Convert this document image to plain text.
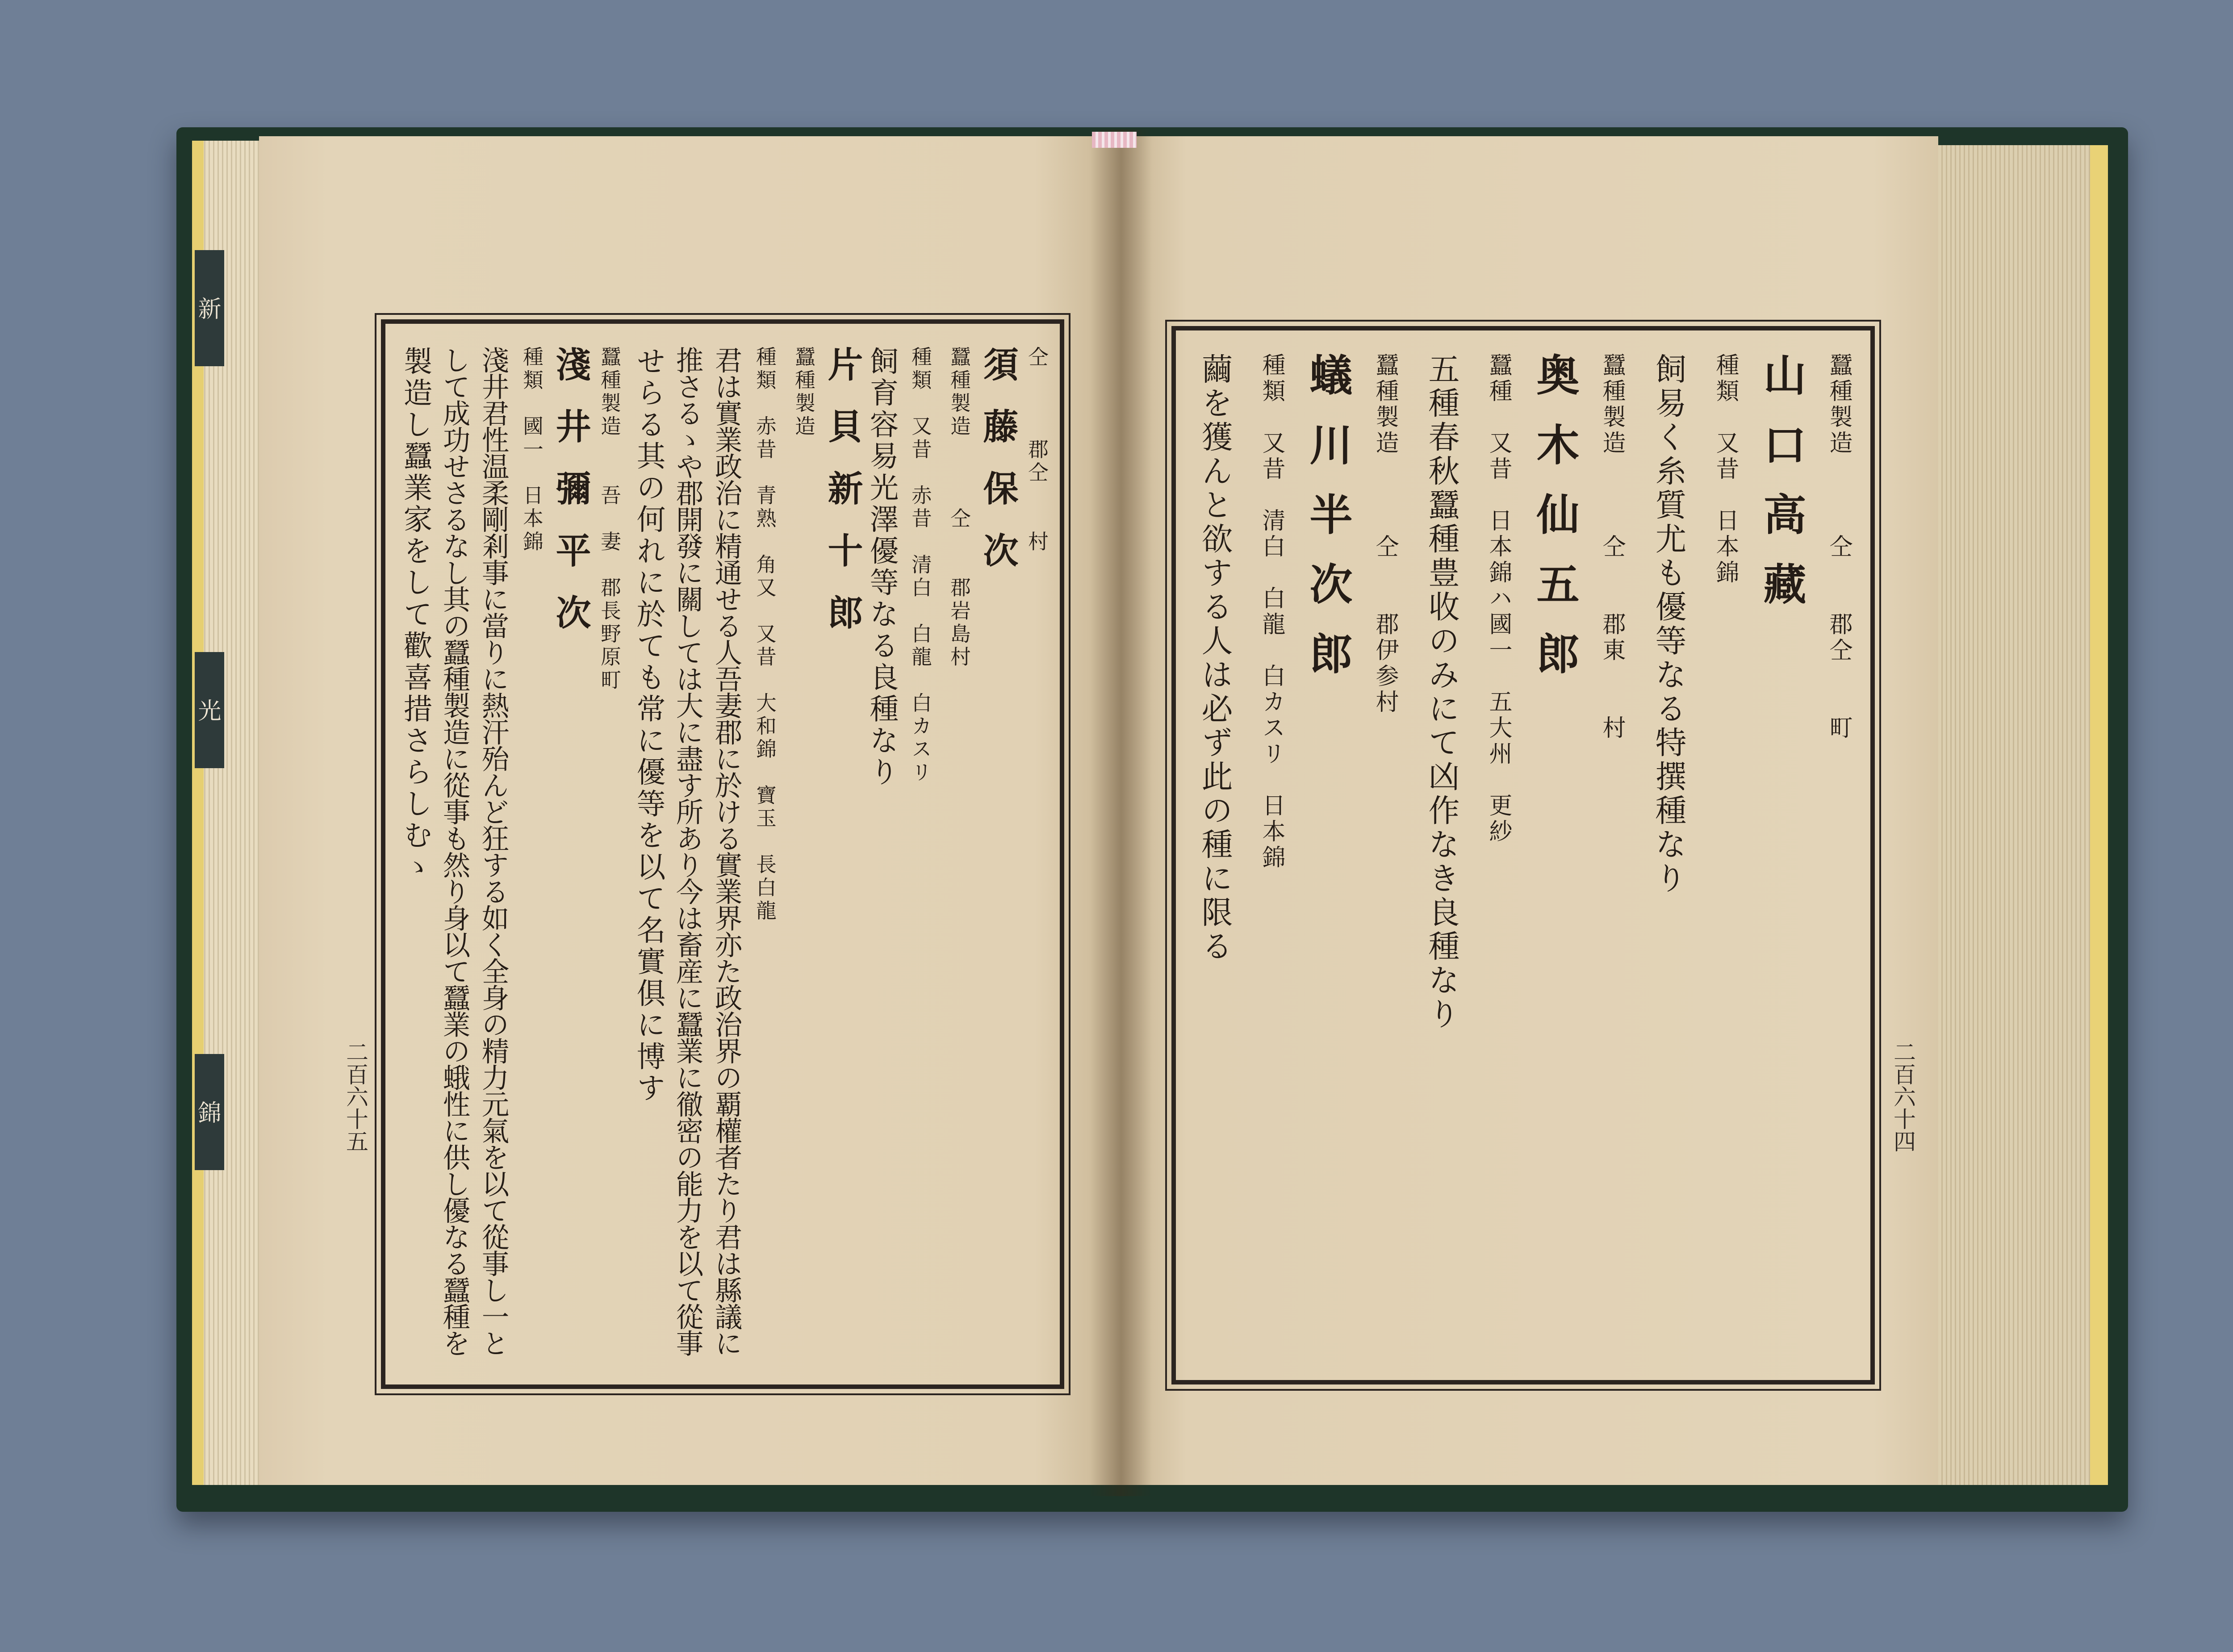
新
光
錦
仝　　　郡仝　　村
須藤保次
蠶種製造　　　仝　　郡岩島村
種類　又昔　赤昔　清白　白龍　白カスリ
飼育容易光澤優等なる良種なり
片貝新十郎
蠶種製造
種類　赤昔　青熟　角又　又昔　大和錦　寶玉　長白龍
君は實業政治に精通せる人吾妻郡に於ける實業界亦た政治界の覇權者たり君は縣議に
推さるゝや郡開發に關しては大に盡す所あり今は畜産に蠶業に徹密の能力を以て從事
せらる其の何れに於ても常に優等を以て名實俱に博す
蠶種製造　　吾　妻　郡長野原町
淺井彌平次
種類　國一　日本錦
淺井君性温柔剛剎事に當りに熱汗殆んど狂する如く全身の精力元氣を以て從事し一と
して成功せさるなし其の蠶種製造に從事も然り身以て蠶業の蛾性に供し優なる蠶種を
製造し蠶業家をして歡喜措さらしむゝ
二百六十五
蠶種製造　　　仝　　郡仝　　町
山口高藏
種類　又昔　日本錦
飼易く糸質尤も優等なる特撰種なり
蠶種製造　　　仝　　郡東　　村
奥木仙五郎
蠶種　又昔　日本錦ハ國一　五大州　更紗
五種春秋蠶種豊收のみにて凶作なき良種なり
蠶種製造　　　仝　　郡伊参村
蟻川半次郎
種類　又昔　清白　白龍　白カスリ　日本錦
繭を獲んと欲する人は必ず此の種に限る
二百六十四
